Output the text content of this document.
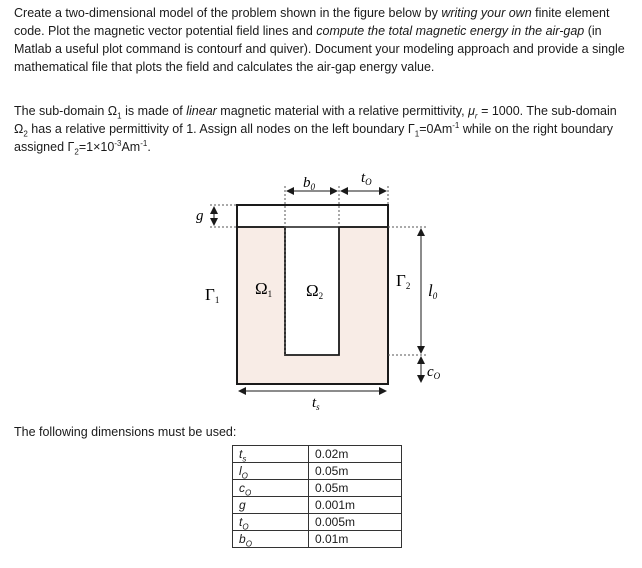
Create a two-dimensional model of the problem shown in the figure below by writing your own finite element code. Plot the magnetic vector potential field lines and compute the total magnetic energy in the air-gap (in Matlab a useful plot command is contourf and quiver). Document your modeling approach and provide a single mathematical file that plots the field and calculates the air-gap energy value.

The sub-domain $\Omega_1$ is made of linear magnetic material with a relative permittivity, $\mu_r = 1000$. The sub-domain $\Omega_2$ has a relative permittivity of 1. Assign all nodes on the left boundary $\Gamma_1=0Am^{-1}$ while on the right boundary assigned $\Gamma_2=1\times 10^{-3}Am^{-1}$.

$b_0$
$t_O$
g
Γ1
Ω1 Ω2
Γ2 l0
$c_O$
$t_s$

The following dimensions must be used:

$t_s$	0.02m
$l_O$	0.05m
$c_O$	0.05m
g	0.001m
$t_O$	0.005m
$b_O$	0.01m
